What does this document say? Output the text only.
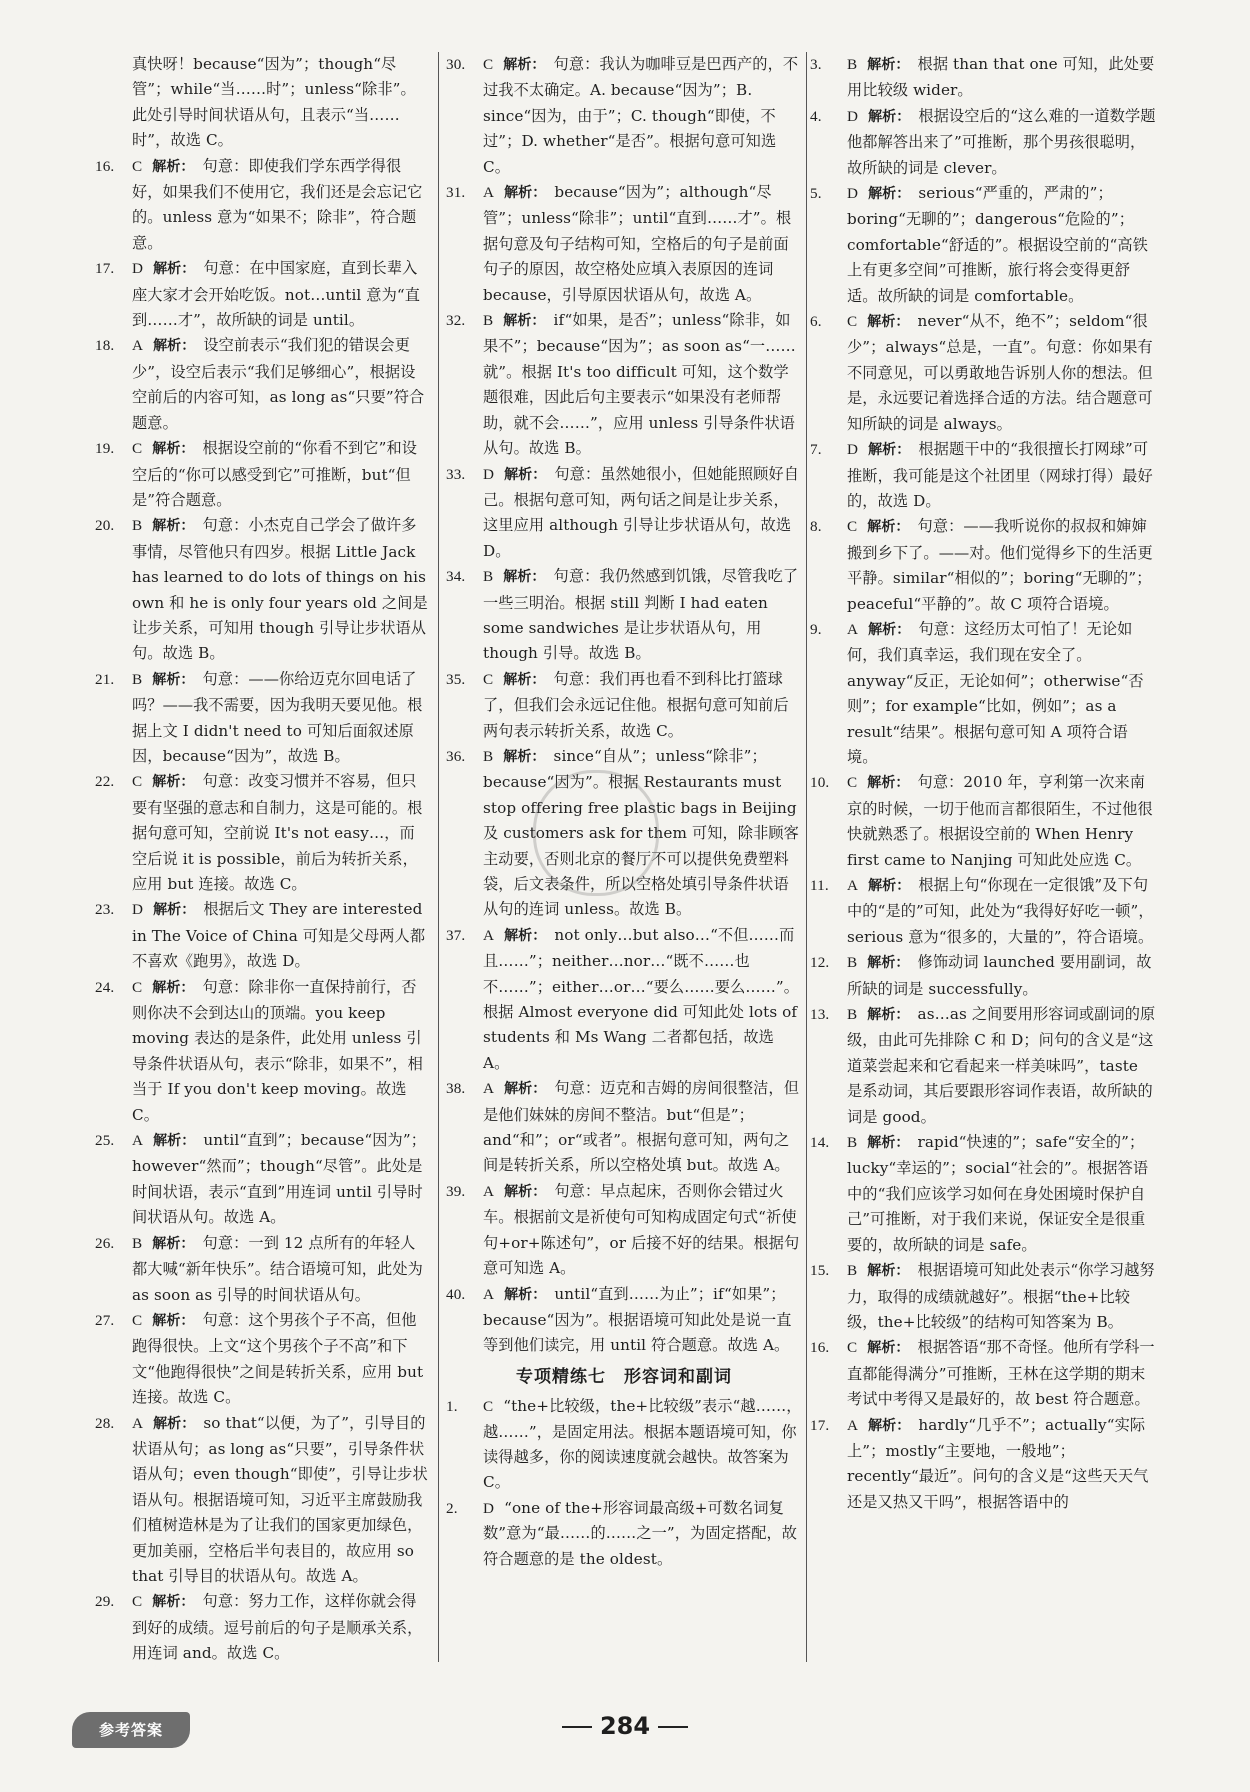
真快呀！because“因为”；though“尽管”；while“当……时”；unless“除非”。此处引导时间状语从句，且表示“当……时”，故选 C。
16. C 解析： 句意：即使我们学东西学得很好，如果我们不使用它，我们还是会忘记它的。unless 意为“如果不；除非”，符合题意。
17. D 解析： 句意：在中国家庭，直到长辈入座大家才会开始吃饭。not…until 意为“直到……才”，故所缺的词是 until。
18. A 解析： 设空前表示“我们犯的错误会更少”，设空后表示“我们足够细心”，根据设空前后的内容可知，as long as“只要”符合题意。
19. C 解析： 根据设空前的“你看不到它”和设空后的“你可以感受到它”可推断，but“但是”符合题意。
20. B 解析： 句意：小杰克自己学会了做许多事情，尽管他只有四岁。根据 Little Jack has learned to do lots of things on his own 和 he is only four years old 之间是让步关系，可知用 though 引导让步状语从句。故选 B。
21. B 解析： 句意：——你给迈克尔回电话了吗？——我不需要，因为我明天要见他。根据上文 I didn't need to 可知后面叙述原因，because“因为”，故选 B。
22. C 解析： 句意：改变习惯并不容易，但只要有坚强的意志和自制力，这是可能的。根据句意可知，空前说 It's not easy…，而空后说 it is possible，前后为转折关系，应用 but 连接。故选 C。
23. D 解析： 根据后文 They are interested in The Voice of China 可知是父母两人都不喜欢《跑男》，故选 D。
24. C 解析： 句意：除非你一直保持前行，否则你决不会到达山的顶端。you keep moving 表达的是条件，此处用 unless 引导条件状语从句，表示“除非，如果不”，相当于 If you don't keep moving。故选 C。
25. A 解析： until“直到”；because“因为”；however“然而”；though“尽管”。此处是时间状语，表示“直到”用连词 until 引导时间状语从句。故选 A。
26. B 解析： 句意：一到 12 点所有的年轻人都大喊“新年快乐”。结合语境可知，此处为 as soon as 引导的时间状语从句。
27. C 解析： 句意：这个男孩个子不高，但他跑得很快。上文“这个男孩个子不高”和下文“他跑得很快”之间是转折关系，应用 but 连接。故选 C。
28. A 解析： so that“以便，为了”，引导目的状语从句；as long as“只要”，引导条件状语从句；even though“即使”，引导让步状语从句。根据语境可知，习近平主席鼓励我们植树造林是为了让我们的国家更加绿色，更加美丽，空格后半句表目的，故应用 so that 引导目的状语从句。故选 A。
29. C 解析： 句意：努力工作，这样你就会得到好的成绩。逗号前后的句子是顺承关系，用连词 and。故选 C。
30. C 解析： 句意：我认为咖啡豆是巴西产的，不过我不太确定。A. because“因为”；B. since“因为，由于”；C. though“即使，不过”；D. whether“是否”。根据句意可知选 C。
31. A 解析： because“因为”；although“尽管”；unless“除非”；until“直到……才”。根据句意及句子结构可知，空格后的句子是前面句子的原因，故空格处应填入表原因的连词 because，引导原因状语从句，故选 A。
32. B 解析： if“如果，是否”；unless“除非，如果不”；because“因为”；as soon as“一……就”。根据 It's too difficult 可知，这个数学题很难，因此后句主要表示“如果没有老师帮助，就不会……”，应用 unless 引导条件状语从句。故选 B。
33. D 解析： 句意：虽然她很小，但她能照顾好自己。根据句意可知，两句话之间是让步关系，这里应用 although 引导让步状语从句，故选 D。
34. B 解析： 句意：我仍然感到饥饿，尽管我吃了一些三明治。根据 still 判断 I had eaten some sandwiches 是让步状语从句，用 though 引导。故选 B。
35. C 解析： 句意：我们再也看不到科比打篮球了，但我们会永远记住他。根据句意可知前后两句表示转折关系，故选 C。
36. B 解析： since“自从”；unless“除非”；because“因为”。根据 Restaurants must stop offering free plastic bags in Beijing 及 customers ask for them 可知，除非顾客主动要，否则北京的餐厅不可以提供免费塑料袋，后文表条件，所以空格处填引导条件状语从句的连词 unless。故选 B。
37. A 解析： not only…but also…“不但……而且……”；neither…nor…“既不……也不……”；either…or…“要么……要么……”。根据 Almost everyone did 可知此处 lots of students 和 Ms Wang 二者都包括，故选 A。
38. A 解析： 句意：迈克和吉姆的房间很整洁，但是他们妹妹的房间不整洁。but“但是”；and“和”；or“或者”。根据句意可知，两句之间是转折关系，所以空格处填 but。故选 A。
39. A 解析： 句意：早点起床，否则你会错过火车。根据前文是祈使句可知构成固定句式“祈使句+or+陈述句”，or 后接不好的结果。根据句意可知选 A。
40. A 解析： until“直到……为止”；if“如果”；because“因为”。根据语境可知此处是说一直等到他们读完，用 until 符合题意。故选 A。
专项精练七　形容词和副词
1. C “the+比较级，the+比较级”表示“越……，越……”，是固定用法。根据本题语境可知，你读得越多，你的阅读速度就会越快。故答案为 C。
2. D “one of the+形容词最高级+可数名词复数”意为“最……的……之一”，为固定搭配，故符合题意的是 the oldest。
3. B 解析： 根据 than that one 可知，此处要用比较级 wider。
4. D 解析： 根据设空后的“这么难的一道数学题他都解答出来了”可推断，那个男孩很聪明，故所缺的词是 clever。
5. D 解析： serious“严重的，严肃的”；boring“无聊的”；dangerous“危险的”；comfortable“舒适的”。根据设空前的“高铁上有更多空间”可推断，旅行将会变得更舒适。故所缺的词是 comfortable。
6. C 解析： never“从不，绝不”；seldom“很少”；always“总是，一直”。句意：你如果有不同意见，可以勇敢地告诉别人你的想法。但是，永远要记着选择合适的方法。结合题意可知所缺的词是 always。
7. D 解析： 根据题干中的“我很擅长打网球”可推断，我可能是这个社团里（网球打得）最好的，故选 D。
8. C 解析： 句意：——我听说你的叔叔和婶婶搬到乡下了。——对。他们觉得乡下的生活更平静。similar“相似的”；boring“无聊的”；peaceful“平静的”。故 C 项符合语境。
9. A 解析： 句意：这经历太可怕了！无论如何，我们真幸运，我们现在安全了。anyway“反正，无论如何”；otherwise“否则”；for example“比如，例如”；as a result“结果”。根据句意可知 A 项符合语境。
10. C 解析： 句意：2010 年，亨利第一次来南京的时候，一切于他而言都很陌生，不过他很快就熟悉了。根据设空前的 When Henry first came to Nanjing 可知此处应选 C。
11. A 解析： 根据上句“你现在一定很饿”及下句中的“是的”可知，此处为“我得好好吃一顿”，serious 意为“很多的，大量的”，符合语境。
12. B 解析： 修饰动词 launched 要用副词，故所缺的词是 successfully。
13. B 解析： as…as 之间要用形容词或副词的原级，由此可先排除 C 和 D；问句的含义是“这道菜尝起来和它看起来一样美味吗”，taste 是系动词，其后要跟形容词作表语，故所缺的词是 good。
14. B 解析： rapid“快速的”；safe“安全的”；lucky“幸运的”；social“社会的”。根据答语中的“我们应该学习如何在身处困境时保护自己”可推断，对于我们来说，保证安全是很重要的，故所缺的词是 safe。
15. B 解析： 根据语境可知此处表示“你学习越努力，取得的成绩就越好”。根据“the+比较级，the+比较级”的结构可知答案为 B。
16. C 解析： 根据答语“那不奇怪。他所有学科一直都能得满分”可推断，王林在这学期的期末考试中考得又是最好的，故 best 符合题意。
17. A 解析： hardly“几乎不”；actually“实际上”；mostly“主要地，一般地”；recently“最近”。问句的含义是“这些天天气还是又热又干吗”，根据答语中的
参考答案	284
